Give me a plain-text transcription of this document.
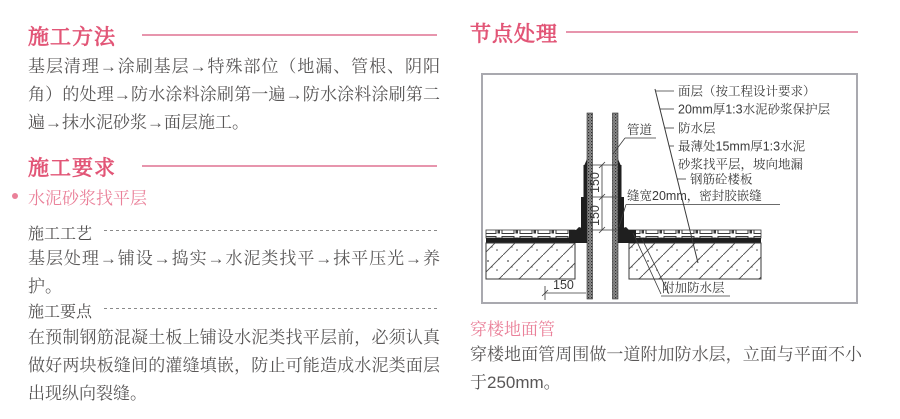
施工方法
基层清理→涂刷基层→特殊部位（地漏、管根、阴阳角）的处理→防水涂料涂刷第一遍→防水涂料涂刷第二遍→抹水泥砂浆→面层施工。
施工要求
水泥砂浆找平层
施工工艺
基层处理→铺设→捣实→水泥类找平→抹平压光→养护。
施工要点
在预制钢筋混凝土板上铺设水泥类找平层前，必须认真做好两块板缝间的灌缝填嵌，防止可能造成水泥类面层出现纵向裂缝。
节点处理
150
150
150
管道
面层（按工程设计要求）
20mm厚1:3水泥砂浆保护层
防水层
最薄处15mm厚1:3水泥
砂浆找平层，坡向地漏
钢筋砼楼板
缝宽20mm，密封胶嵌缝
附加防水层
穿楼地面管
穿楼地面管周围做一道附加防水层，立面与平面不小于250mm。
